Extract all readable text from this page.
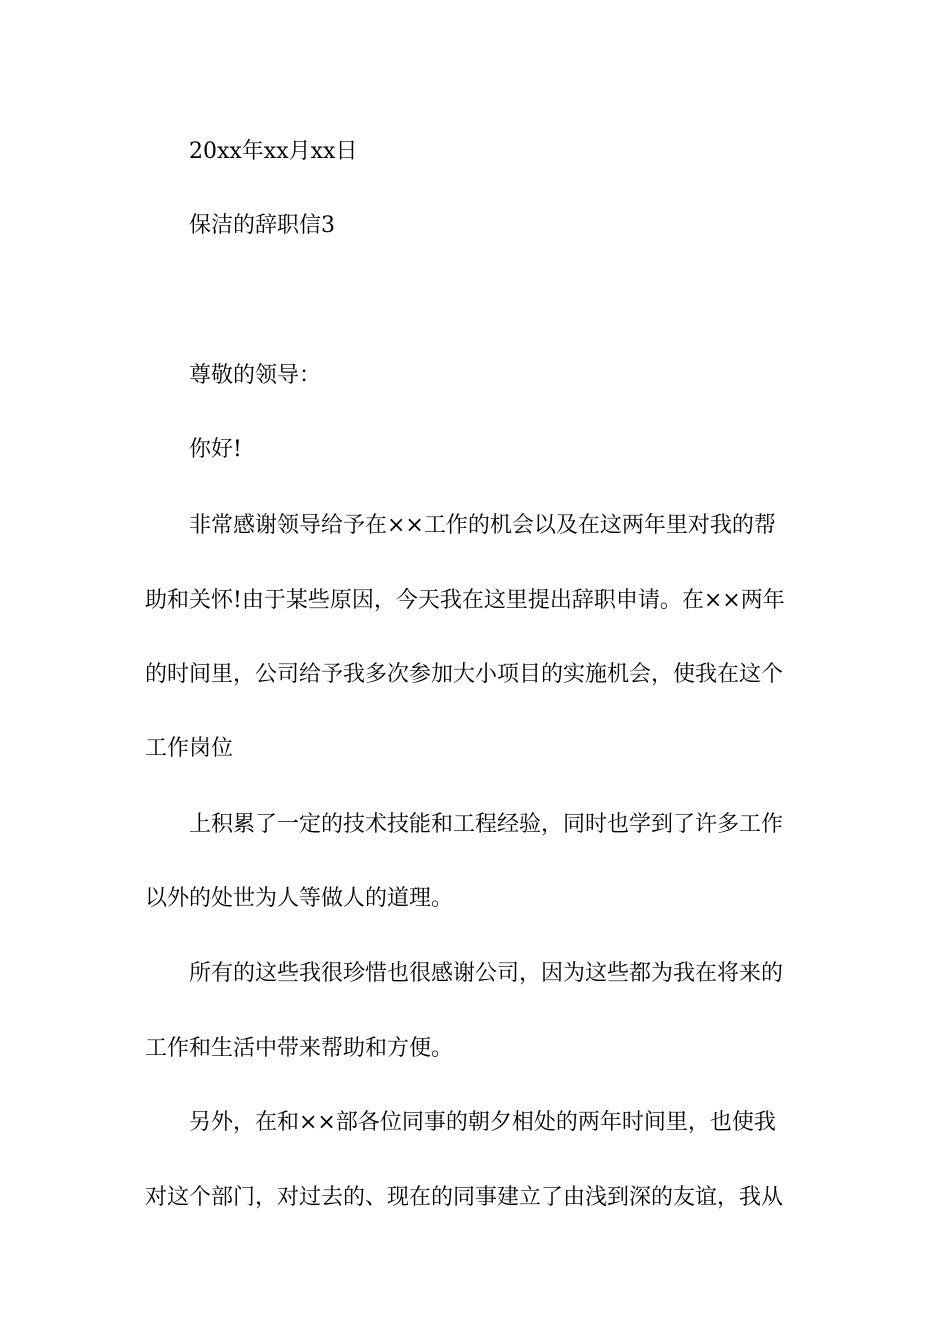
20xx年xx月xx日

保洁的辞职信3

尊敬的领导：

你好!

非常感谢领导给予在××工作的机会以及在这两年里对我的帮

助和关怀!由于某些原因，今天我在这里提出辞职申请。在××两年

的时间里，公司给予我多次参加大小项目的实施机会，使我在这个

工作岗位

上积累了一定的技术技能和工程经验，同时也学到了许多工作

以外的处世为人等做人的道理。

所有的这些我很珍惜也很感谢公司，因为这些都为我在将来的

工作和生活中带来帮助和方便。

另外，在和××部各位同事的朝夕相处的两年时间里，也使我

对这个部门，对过去的、现在的同事建立了由浅到深的友谊，我从
